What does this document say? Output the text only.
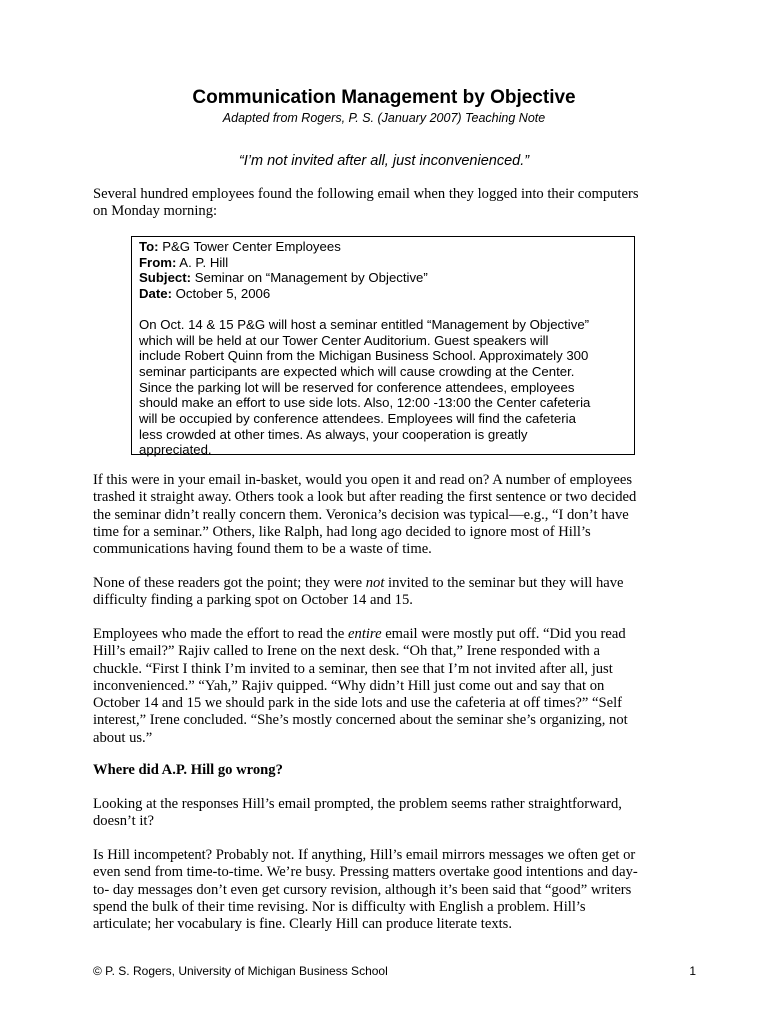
Communication Management by Objective
Adapted from Rogers, P. S. (January 2007) Teaching Note
“I’m not invited after all, just inconvenienced.”
Several hundred employees found the following email when they logged into their computers
on Monday morning:
To: P&G Tower Center Employees
From: A. P. Hill
Subject: Seminar on “Management by Objective”
Date: October 5, 2006
On Oct. 14 & 15 P&G will host a seminar entitled “Management by Objective”
which will be held at our Tower Center Auditorium. Guest speakers will
include Robert Quinn from the Michigan Business School. Approximately 300
seminar participants are expected which will cause crowding at the Center.
Since the parking lot will be reserved for conference attendees, employees
should make an effort to use side lots. Also, 12:00 -13:00 the Center cafeteria
will be occupied by conference attendees. Employees will find the cafeteria
less crowded at other times. As always, your cooperation is greatly
appreciated.
If this were in your email in-basket, would you open it and read on? A number of employees
trashed it straight away. Others took a look but after reading the first sentence or two decided
the seminar didn’t really concern them. Veronica’s decision was typical—e.g., “I don’t have
time for a seminar.” Others, like Ralph, had long ago decided to ignore most of Hill’s
communications having found them to be a waste of time.
None of these readers got the point; they were not invited to the seminar but they will have
difficulty finding a parking spot on October 14 and 15.
Employees who made the effort to read the entire email were mostly put off. “Did you read
Hill’s email?” Rajiv called to Irene on the next desk. “Oh that,” Irene responded with a
chuckle. “First I think I’m invited to a seminar, then see that I’m not invited after all, just
inconvenienced.” “Yah,” Rajiv quipped. “Why didn’t Hill just come out and say that on
October 14 and 15 we should park in the side lots and use the cafeteria at off times?” “Self
interest,” Irene concluded. “She’s mostly concerned about the seminar she’s organizing, not
about us.”
Where did A.P. Hill go wrong?
Looking at the responses Hill’s email prompted, the problem seems rather straightforward,
doesn’t it?
Is Hill incompetent? Probably not. If anything, Hill’s email mirrors messages we often get or
even send from time-to-time. We’re busy. Pressing matters overtake good intentions and day-
to- day messages don’t even get cursory revision, although it’s been said that “good” writers
spend the bulk of their time revising. Nor is difficulty with English a problem. Hill’s
articulate; her vocabulary is fine. Clearly Hill can produce literate texts.
© P. S. Rogers, University of Michigan Business School	1
